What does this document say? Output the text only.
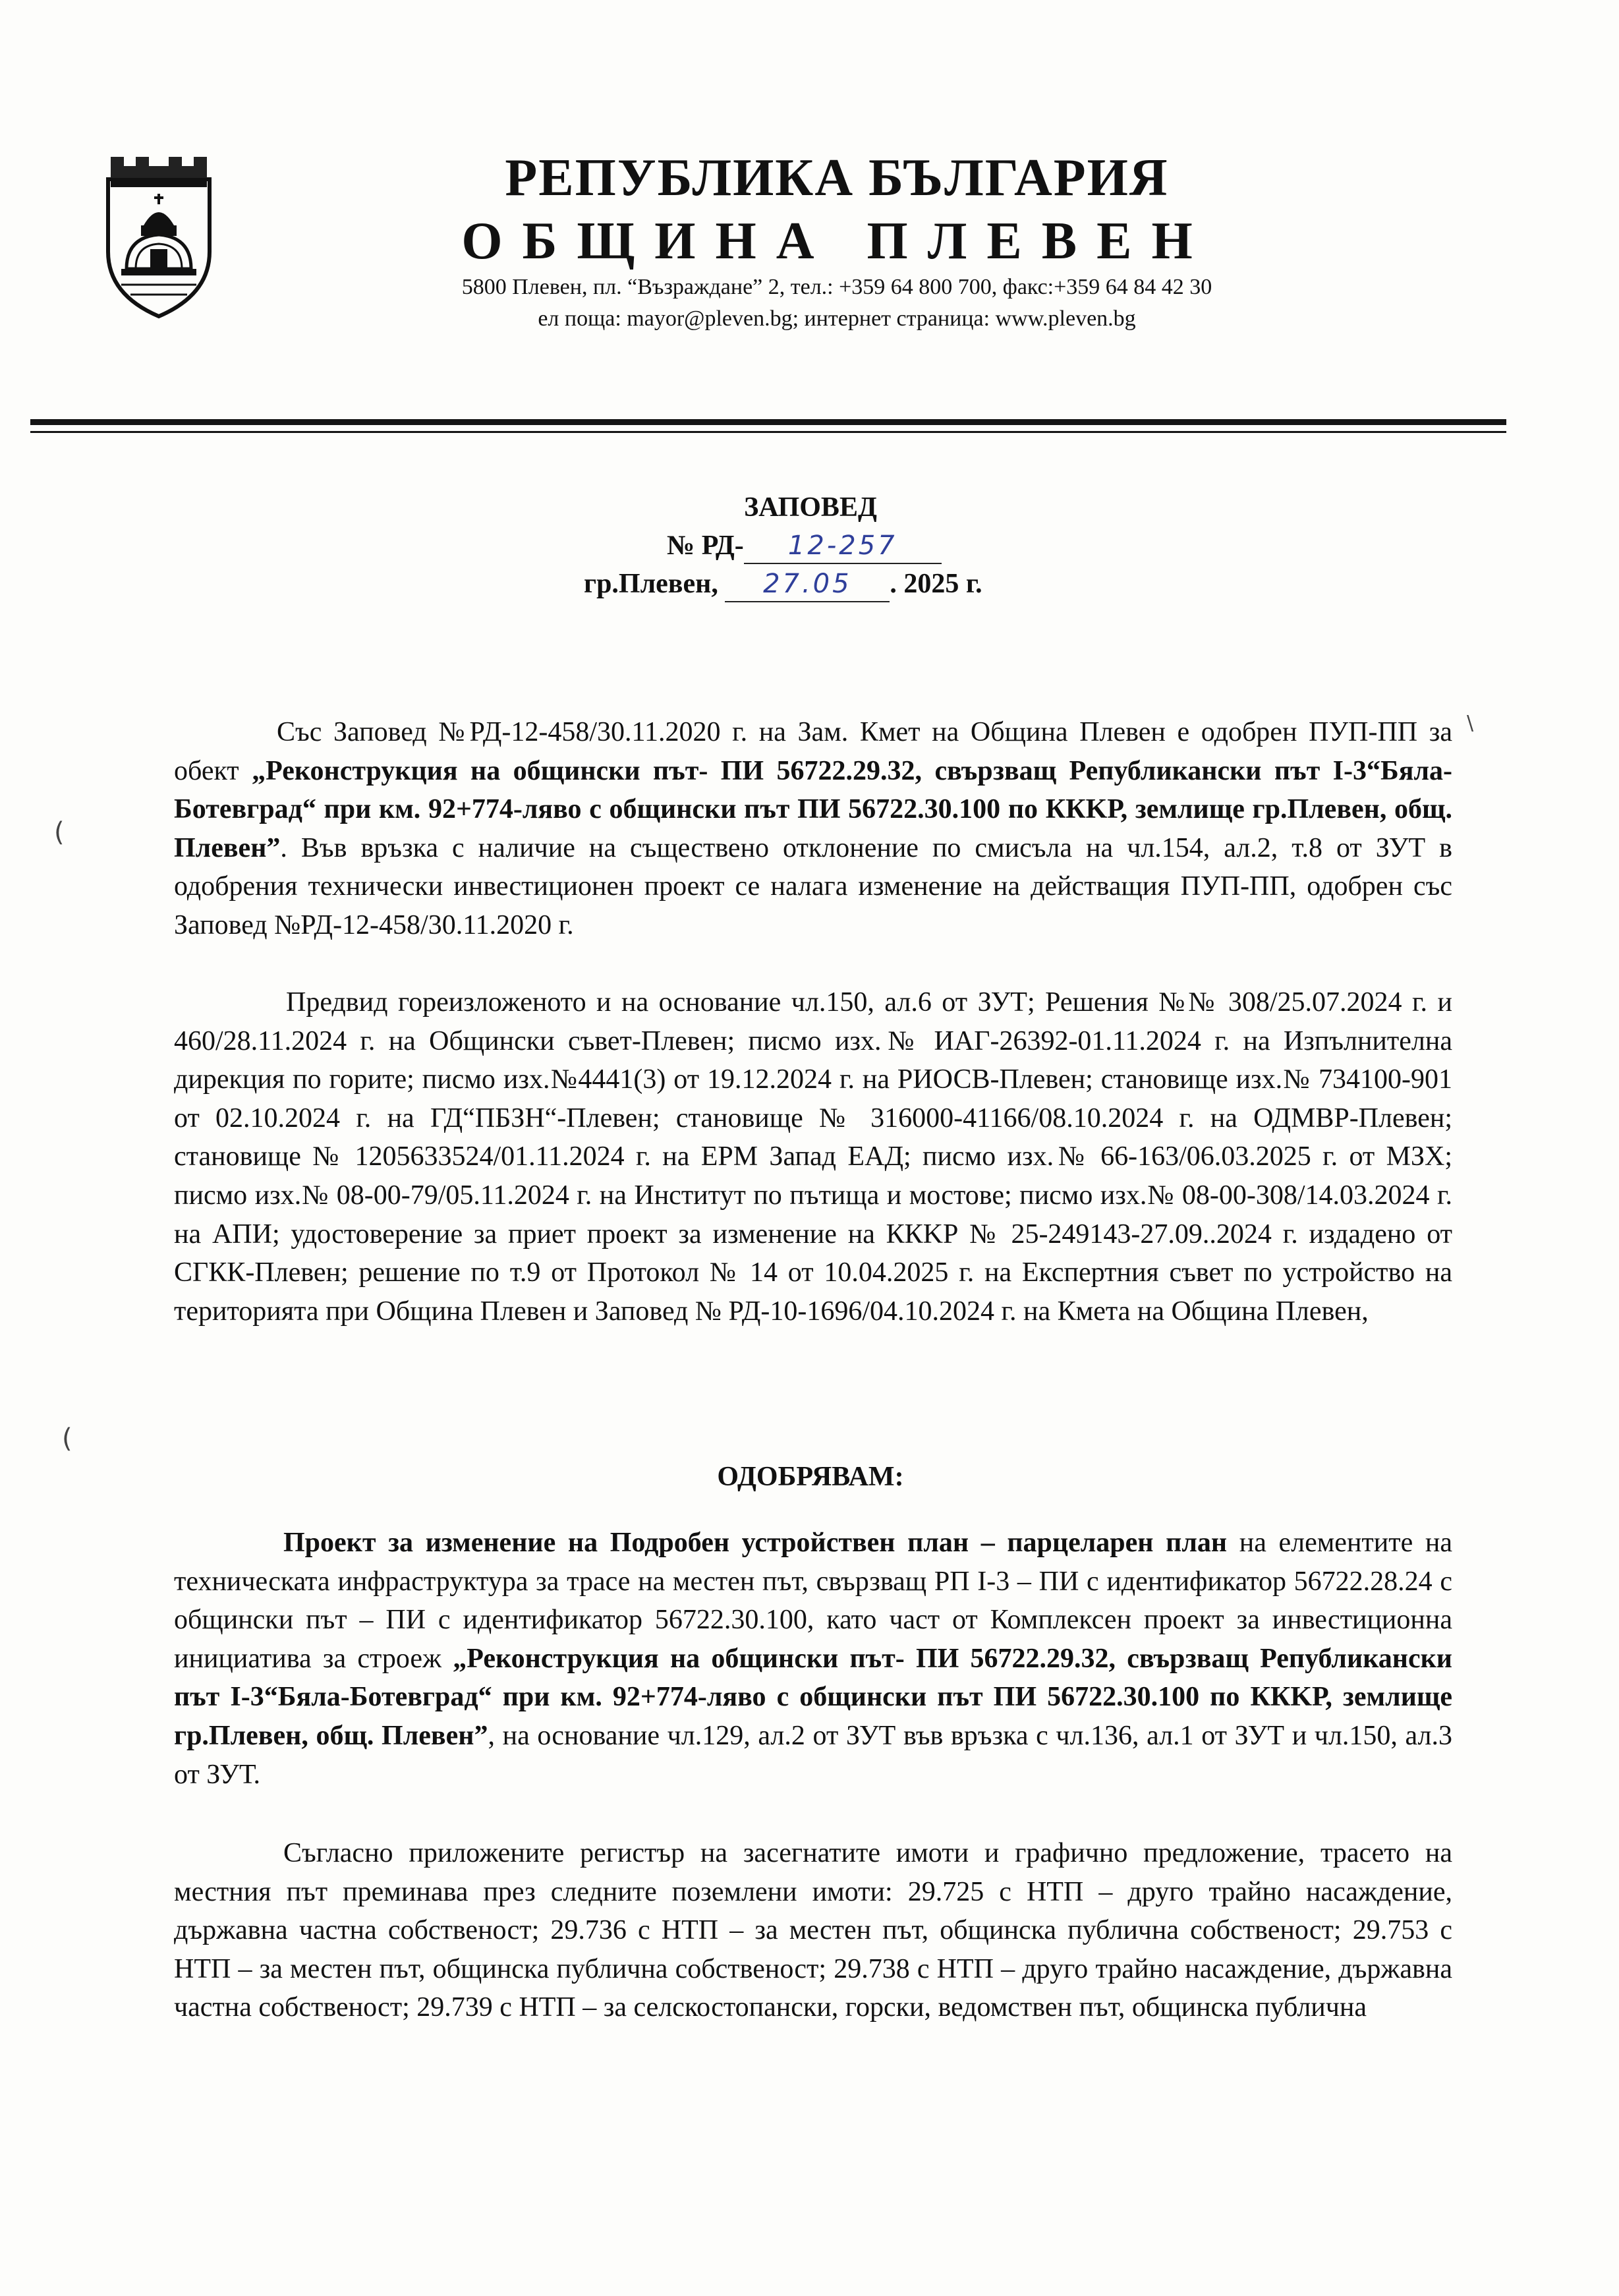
РЕПУБЛИКА БЪЛГАРИЯ
ОБЩИНА ПЛЕВЕН
5800 Плевен, пл. “Възраждане” 2, тел.: +359 64 800 700, факс:+359 64 84 42 30
ел поща: mayor@pleven.bg; интернет страница: www.pleven.bg
ЗАПОВЕД
№ РД- 12-257
гр.Плевен, 27.05 . 2025 г.

Със Заповед №РД-12-458/30.11.2020 г. на Зам. Кмет на Община Плевен е одобрен ПУП-ПП за обект „Реконструкция на общински път- ПИ 56722.29.32, свързващ Републикански път I-3“Бяла-Ботевград“ при км. 92+774-ляво с общински път ПИ 56722.30.100 по ККKР, землище гр.Плевен, общ. Плевен”. Във връзка с наличие на съществено отклонение по смисъла на чл.154, ал.2, т.8 от ЗУТ в одобрения технически инвестиционен проект се налага изменение на действащия ПУП-ПП, одобрен със Заповед №РД-12-458/30.11.2020 г.

Предвид гореизложеното и на основание чл.150, ал.6 от ЗУТ; Решения №№ 308/25.07.2024 г. и 460/28.11.2024 г. на Общински съвет-Плевен; писмо изх.№ ИАГ-26392-01.11.2024 г. на Изпълнителна дирекция по горите; писмо изх.№4441(3) от 19.12.2024 г. на РИОСВ-Плевен; становище изх.№ 734100-901 от 02.10.2024 г. на ГД“ПБЗН“-Плевен; становище № 316000-41166/08.10.2024 г. на ОДМВР-Плевен; становище № 1205633524/01.11.2024 г. на ЕРМ Запад ЕАД; писмо изх.№ 66-163/06.03.2025 г. от МЗХ; писмо изх.№ 08-00-79/05.11.2024 г. на Институт по пътища и мостове; писмо изх.№ 08-00-308/14.03.2024 г. на АПИ; удостоверение за приет проект за изменение на ККKР № 25-249143-27.09..2024 г. издадено от СГКК-Плевен; решение по т.9 от Протокол № 14 от 10.04.2025 г. на Експертния съвет по устройство на територията при Община Плевен и Заповед № РД-10-1696/04.10.2024 г. на Кмета на Община Плевен,

ОДОБРЯВАМ:

Проект за изменение на Подробен устройствен план – парцеларен план на елементите на техническата инфраструктура за трасе на местен път, свързващ РП I-3 – ПИ с идентификатор 56722.28.24 с общински път – ПИ с идентификатор 56722.30.100, като част от Комплексен проект за инвестиционна инициатива за строеж „Реконструкция на общински път- ПИ 56722.29.32, свързващ Републикански път I-3“Бяла-Ботевград“ при км. 92+774-ляво с общински път ПИ 56722.30.100 по ККKР, землище гр.Плевен, общ. Плевен”, на основание чл.129, ал.2 от ЗУТ във връзка с чл.136, ал.1 от ЗУТ и чл.150, ал.3 от ЗУТ.

Съгласно приложените регистър на засегнатите имоти и графично предложение, трасето на местния път преминава през следните поземлени имоти: 29.725 с НТП – друго трайно насаждение, държавна частна собственост; 29.736 с НТП – за местен път, общинска публична собственост; 29.753 с НТП – за местен път, общинска публична собственост; 29.738 с НТП – друго трайно насаждение, държавна частна собственост; 29.739 с НТП – за селскостопански, горски, ведомствен път, общинска публична

(
(
\
